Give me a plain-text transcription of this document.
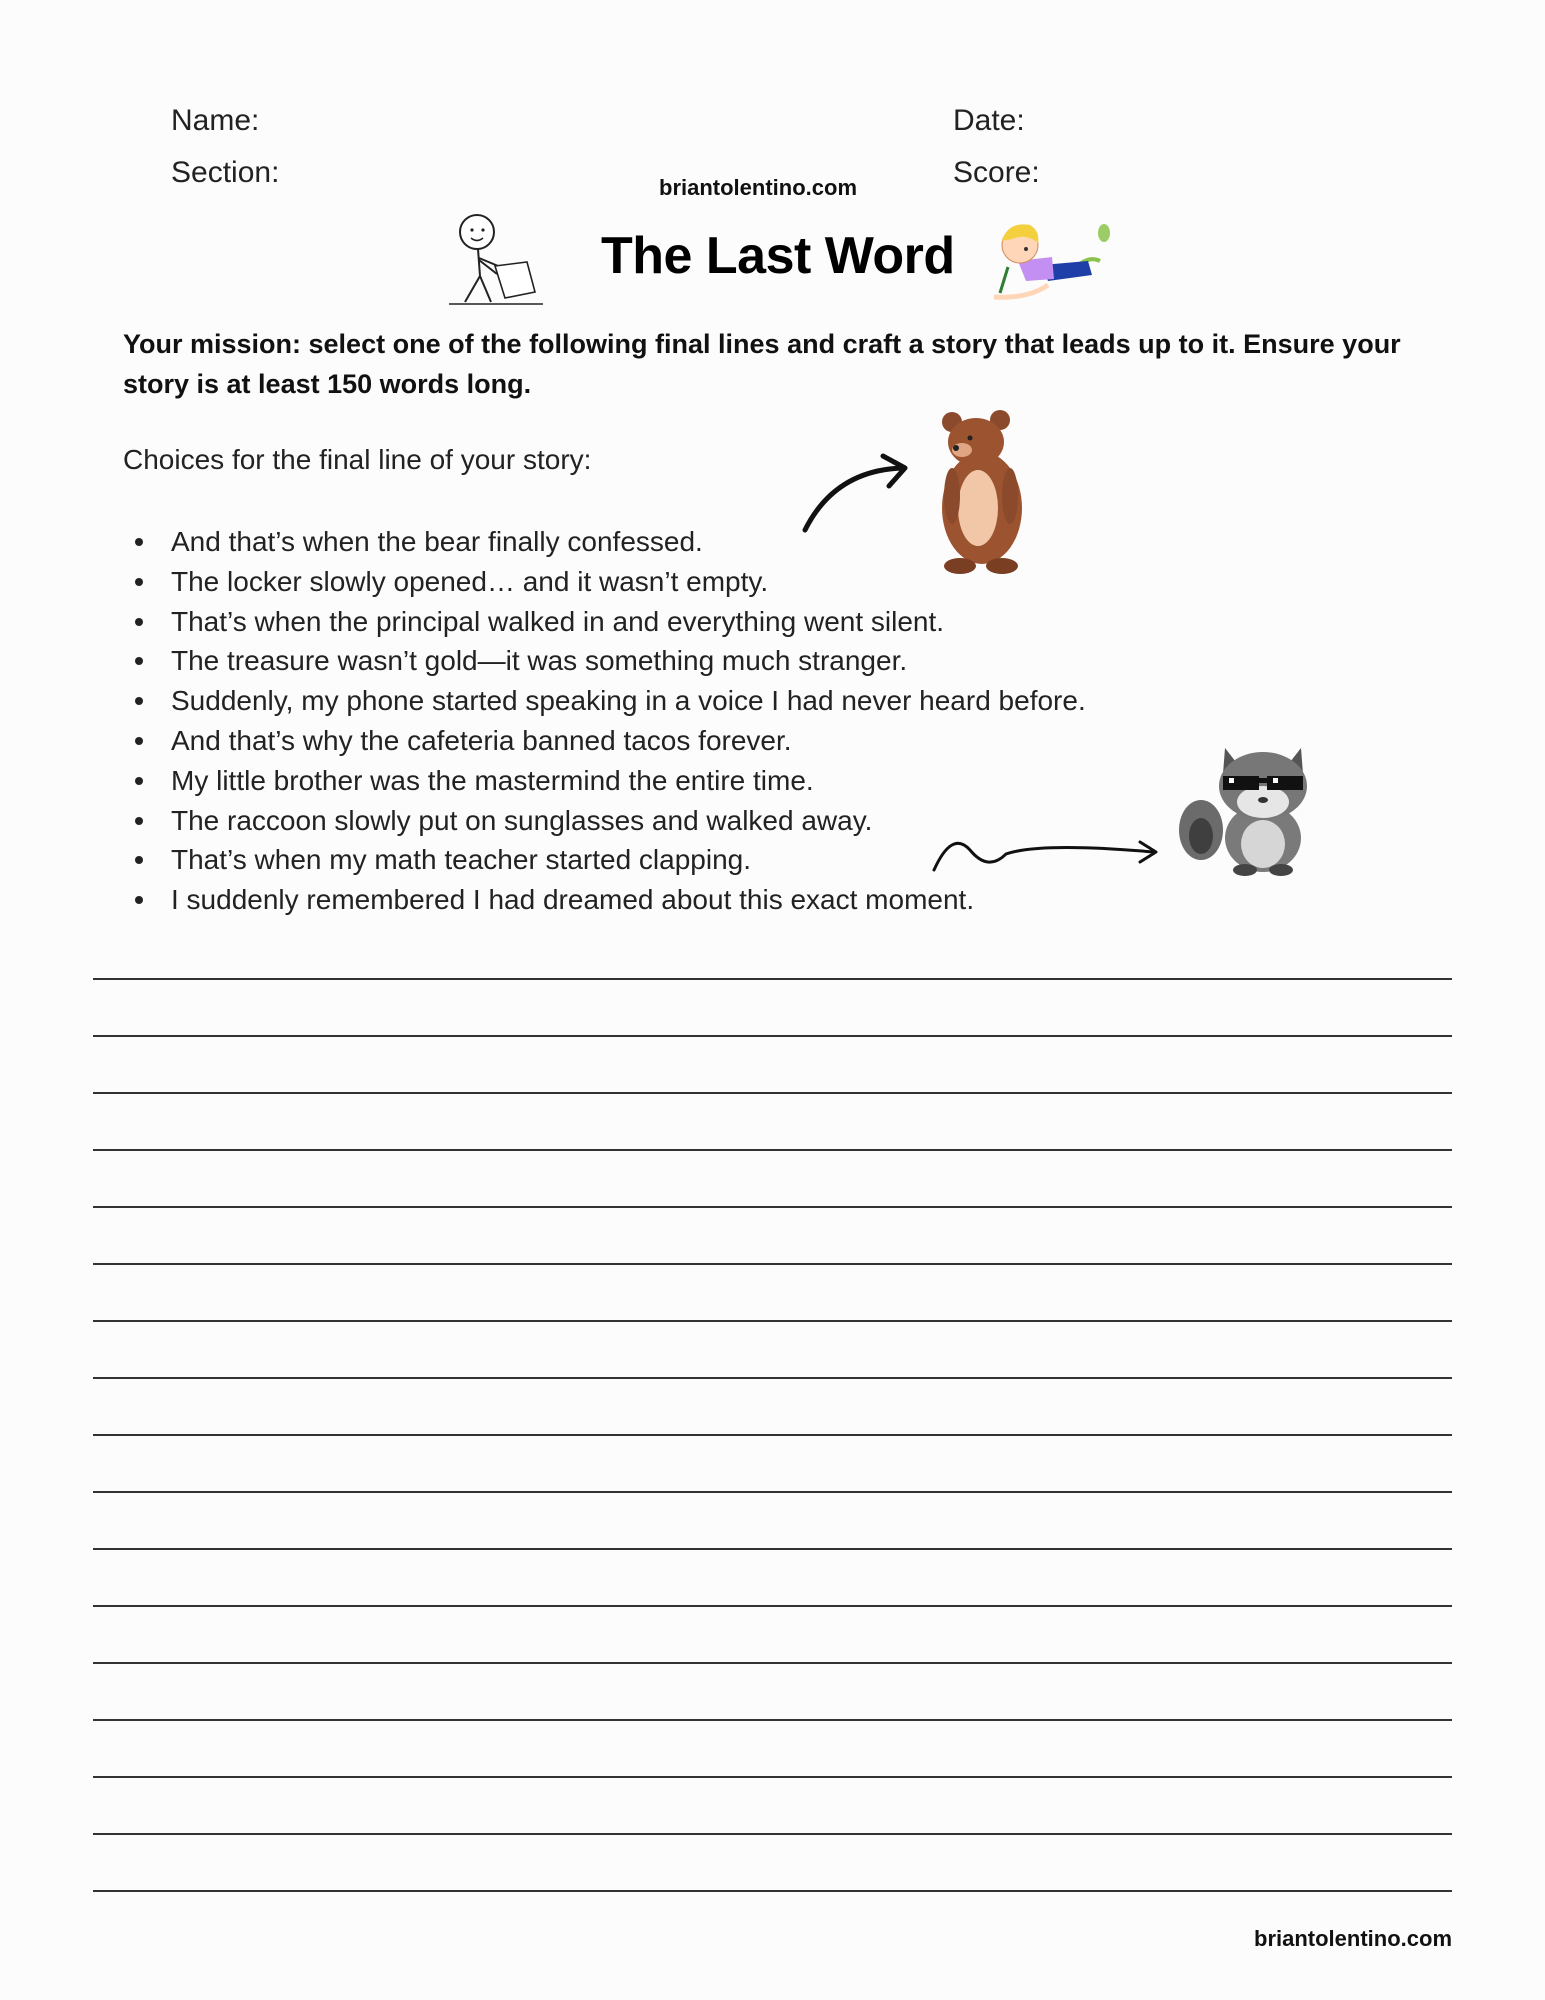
Name:
Section:
Date:
Score:
briantolentino.com
The Last Word
Your mission: select one of the following final lines and craft a story that leads up to it. Ensure your story is at least 150 words long.
Choices for the final line of your story:
And that’s when the bear finally confessed.
The locker slowly opened… and it wasn’t empty.
That’s when the principal walked in and everything went silent.
The treasure wasn’t gold—it was something much stranger.
Suddenly, my phone started speaking in a voice I had never heard before.
And that’s why the cafeteria banned tacos forever.
My little brother was the mastermind the entire time.
The raccoon slowly put on sunglasses and walked away.
That’s when my math teacher started clapping.
I suddenly remembered I had dreamed about this exact moment.
briantolentino.com
